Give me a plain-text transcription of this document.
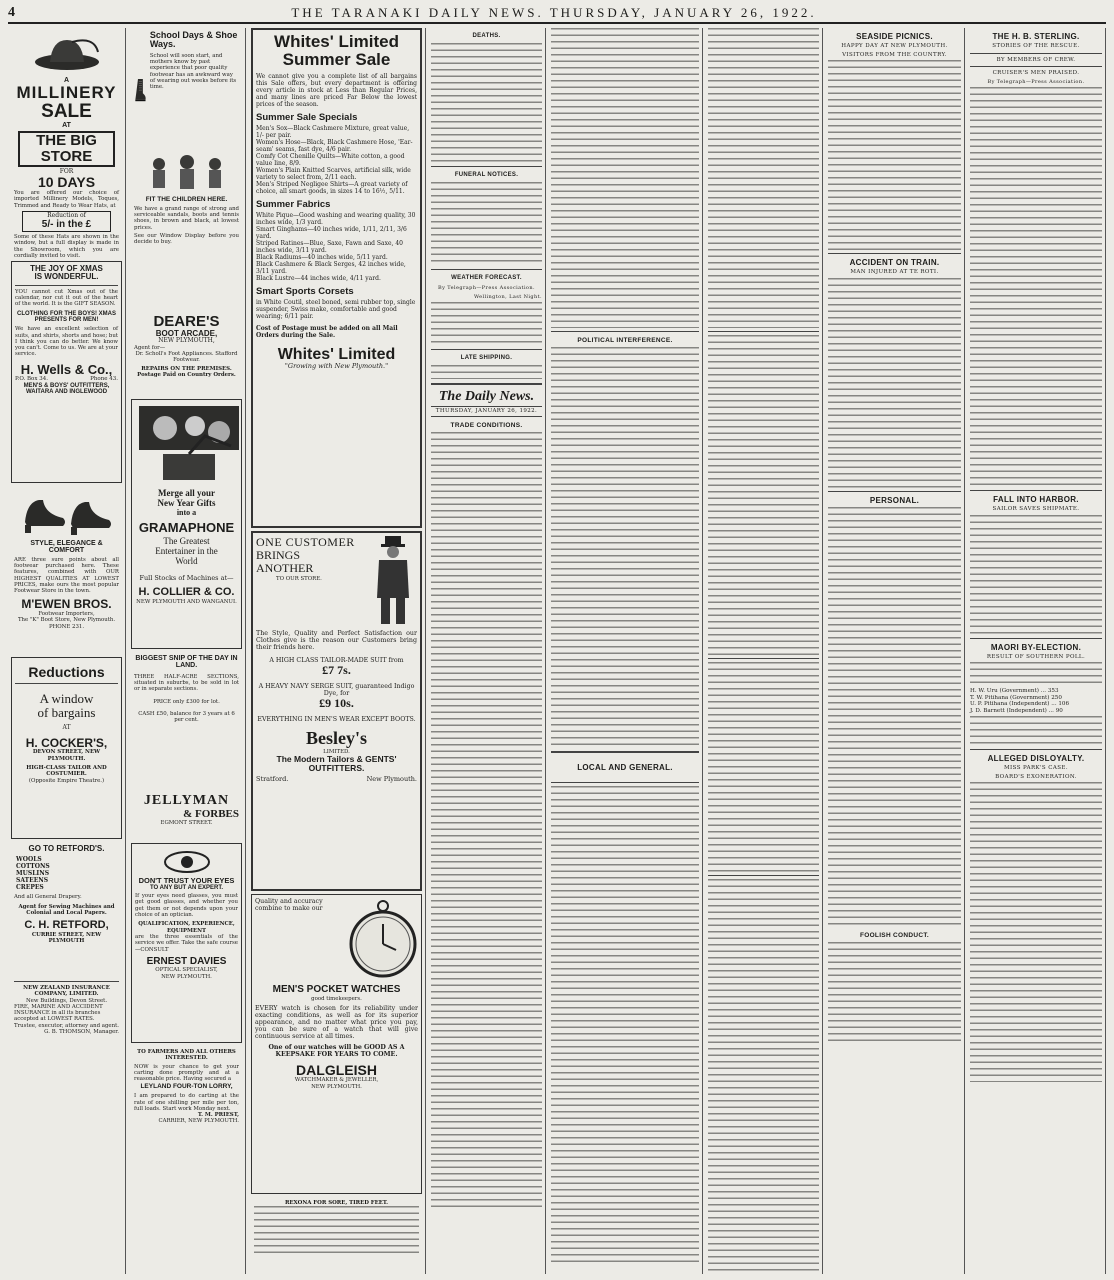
4	THE TARANAKI DAILY NEWS. THURSDAY, JANUARY 26, 1922.
A
MILLINERY
SALE
AT
THE BIG STORE
FOR
10 DAYS
You are offered our choice of imported Millinery Models, Toques, Trimmed and Ready to Wear Hats, at
Reduction of
5/- in the £
Some of these Hats are shown in the window, but a full display is made in the Showroom, which you are cordially invited to visit.
THE JOY OF XMAS
IS WONDERFUL.
YOU cannot cut Xmas out of the calendar, nor cut it out of the heart of the world. It is the GIFT SEASON.
CLOTHING FOR THE BOYS! XMAS PRESENTS FOR MEN!
We have an excellent selection of suits, and shirts, shorts and hose; but I think you can do better. We know you can't. Come to us. We are at your service.
H. Wells & Co.,
P.O. Box 34.	Phone 43.
MEN'S & BOYS' OUTFITTERS,
WAITARA AND INGLEWOOD
STYLE, ELEGANCE & COMFORT
ARE three sure points about all footwear purchased here. These features, combined with OUR HIGHEST QUALITIES AT LOWEST PRICES, make ours the most popular Footwear Store in the town.
M'EWEN BROS.
Footwear Importers,
The "K" Boot Store, New Plymouth.
PHONE 231.
Reductions
A window
of bargains
AT
H. COCKER'S,
DEVON STREET, NEW PLYMOUTH.
HIGH-CLASS TAILOR AND COSTUMIER.
(Opposite Empire Theatre.)
GO TO RETFORD'S.
WOOLS
COTTONS
MUSLINS
SATEENS
CREPES
And all General Drapery.
Agent for Sewing Machines and Colonial and Local Papers.
C. H. RETFORD,
CURRIE STREET, NEW PLYMOUTH
NEW ZEALAND INSURANCE COMPANY, LIMITED.
New Buildings, Devon Street.
FIRE, MARINE AND ACCIDENT INSURANCE in all its branches accepted at LOWEST RATES.
Trustee, executor, attorney and agent.
G. B. THOMSON, Manager.
School Days & Shoe Ways.
School will soon start, and mothers know by past experience that poor quality footwear has an awkward way of wearing out weeks before its time.
FIT THE CHILDREN HERE.
We have a grand range of strong and serviceable sandals, boots and tennis shoes, in brown and black, at lowest prices.
See our Window Display before you decide to buy.
DEARE'S
BOOT ARCADE,
NEW PLYMOUTH,
Agent for—
Dr. Scholl's Foot Appliances. Stafford Footwear.
REPAIRS ON THE PREMISES. Postage Paid on Country Orders.
Merge all your
New Year Gifts
into a
GRAMAPHONE
The Greatest
Entertainer in the
World
Full Stocks of Machines at—
H. COLLIER & CO.
NEW PLYMOUTH AND WANGANUI.
BIGGEST SNIP OF THE DAY IN LAND.
THREE HALF-ACRE SECTIONS, situated in suburbs, to be sold in lot or in separate sections.
PRICE only £300 for lot.
CASH £50, balance for 3 years at 6 per cent.
JELLYMAN
& FORBES
EGMONT STREET.
DON'T TRUST YOUR EYES
TO ANY BUT AN EXPERT.
If your eyes need glasses, you must get good glasses, and whether you get them or not depends upon your choice of an optician.
QUALIFICATION, EXPERIENCE, EQUIPMENT
are the three essentials of the service we offer. Take the safe course—CONSULT
ERNEST DAVIES
OPTICAL SPECIALIST,
NEW PLYMOUTH.
TO FARMERS AND ALL OTHERS INTERESTED.
NOW is your chance to get your carting done promptly and at a reasonable price. Having secured a
LEYLAND FOUR-TON LORRY,
I am prepared to do carting at the rate of one shilling per mile per ton, full loads. Start work Monday next.
T. M. PRIEST,
CARRIER, NEW PLYMOUTH.
Whites' Limited
Summer Sale
We cannot give you a complete list of all bargains this Sale offers, but every department is offering every article in stock at Less than Regular Prices, and many lines are priced Far Below the lowest prices of the season.
Summer Sale Specials
Men's Sox—Black Cashmere Mixture, great value, 1/- per pair.
Women's Hose—Black, Black Cashmere Hose, 'Ear-seam' seams, fast dye, 4/6 pair.
Comfy Cot Chenille Quilts—White cotton, a good value line, 8/9.
Women's Plain Knitted Scarves, artificial silk, wide variety to select from, 2/11 each.
Men's Striped Negligee Shirts—A great variety of choice, all smart goods, in sizes 14 to 16½, 5/11.
Summer Fabrics
White Pique—Good washing and wearing quality, 30 inches wide, 1/3 yard.
Smart Ginghams—40 inches wide, 1/11, 2/11, 3/6 yard.
Striped Ratines—Blue, Saxe, Fawn and Saxe, 40 inches wide, 3/11 yard.
Black Radiums—40 inches wide, 5/11 yard.
Black Cashmere & Black Serges, 42 inches wide, 3/11 yard.
Black Lustre—44 inches wide, 4/11 yard.
Smart Sports Corsets
in White Coutil, steel boned, semi rubber top, single suspender, Swiss make, comfortable and good wearing; 6/11 pair.
Cost of Postage must be added on all Mail Orders during the Sale.
Whites' Limited
"Growing with New Plymouth."
ONE CUSTOMER
BRINGS
ANOTHER
TO OUR STORE.
The Style, Quality and Perfect Satisfaction our Clothes give is the reason our Customers bring their friends here.
A HIGH CLASS TAILOR-MADE SUIT from
£7 7s.
A HEAVY NAVY SERGE SUIT, guaranteed Indigo Dye, for
£9 10s.
EVERYTHING IN MEN'S WEAR EXCEPT BOOTS.
Besley's
LIMITED.
The Modern Tailors & GENTS' OUTFITTERS.
Stratford.	New Plymouth.
Quality and accuracy combine to make our
MEN'S POCKET WATCHES
good timekeepers.
EVERY watch is chosen for its reliability under exacting conditions, as well as for its superior appearance, and no matter what price you pay, you can be sure of a watch that will give continuous service at all times.
One of our watches will be GOOD AS A KEEPSAKE FOR YEARS TO COME.
DALGLEISH
WATCHMAKER & JEWELLER,
NEW PLYMOUTH.
REXONA FOR SORE, TIRED FEET.
DEATHS.
FUNERAL NOTICES.
WEATHER FORECAST.
By Telegraph—Press Association.
Wellington, Last Night.
LATE SHIPPING.
The Daily News.
THURSDAY, JANUARY 26, 1922.
TRADE CONDITIONS.
POLITICAL INTERFERENCE.
LOCAL AND GENERAL.
SEASIDE PICNICS.
HAPPY DAY AT NEW PLYMOUTH.
VISITORS FROM THE COUNTRY.
ACCIDENT ON TRAIN.
MAN INJURED AT TE ROTI.
PERSONAL.
FOOLISH CONDUCT.
THE H. B. STERLING.
STORIES OF THE RESCUE.
BY MEMBERS OF CREW.
CRUISER'S MEN PRAISED.
By Telegraph—Press Association.
FALL INTO HARBOR.
SAILOR SAVES SHIPMATE.
MAORI BY-ELECTION.
RESULT OF SOUTHERN POLL.
H. W. Uru (Government) ... 353
T. W. Pitihana (Government) 250
U. P. Pitihana (Independent) ... 106
J. D. Barnett (Independent) ... 90
ALLEGED DISLOYALTY.
MISS PARK'S CASE.
BOARD'S EXONERATION.
